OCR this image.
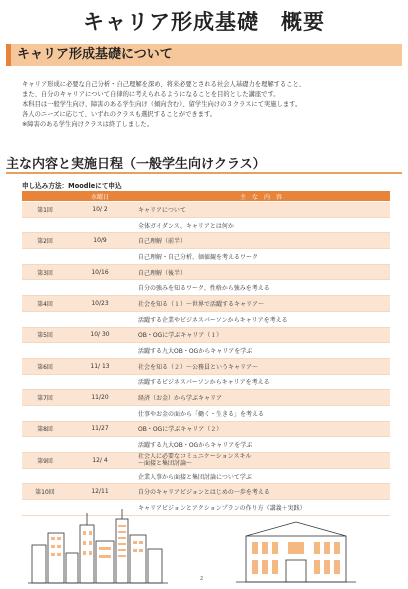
キャリア形成基礎　概要
キャリア形成基礎について

キャリア形成に必要な自己分析・自己理解を深め、将来必要とされる社会人基礎力を理解すること、

また、自分のキャリアについて自律的に考えられるようになることを目的とした講座です。

本科目は一般学生向け、障害のある学生向け（傾向含む）、留学生向けの３クラスにて実施します。

各人のニーズに応じて、いずれのクラスも選択することができます。

※障害のある学生向けクラスは終了しました。

主な内容と実施日程（一般学生向けクラス）
申し込み方法：Moodleにて申込
	水曜日	主　な　内　容
第1回	10/ 2	キャリアについて
		全体ガイダンス、キャリアとは何か
第2回	10/9	自己理解（前半）
		自己理解・自己分析、価値観を考えるワーク
第3回	10/16	自己理解（後半）
		自分の強みを知るワーク、性格から強みを考える
第4回	10/23	社会を知る（１）～世界で活躍するキャリア～
		活躍する企業やビジネスパーソンからキャリアを考える
第5回	10/ 30	OB・OGに学ぶキャリア（１）
		活躍する九大OB・OGからキャリアを学ぶ
第6回	11/ 13	社会を知る（２）～公務員というキャリア～
		活躍するビジネスパーソンからキャリアを考える
第7回	11/20	経済（お金）から学ぶキャリア
		仕事やお金の面から「働く・生きる」を考える
第8回	11/27	OB・OGに学ぶキャリア（２）
		活躍する九大OB・OGからキャリアを学ぶ
第9回	12/ 4	社会人に必要なコミュニケーションスキル
～面接と集団討論～

		企業人事から面接と集団討論について学ぶ
第10回	12/11	自分のキャリアビジョンとはじめの一歩を考える
		キャリアビジョンとアクションプランの作り方（講義＋実践）
2
